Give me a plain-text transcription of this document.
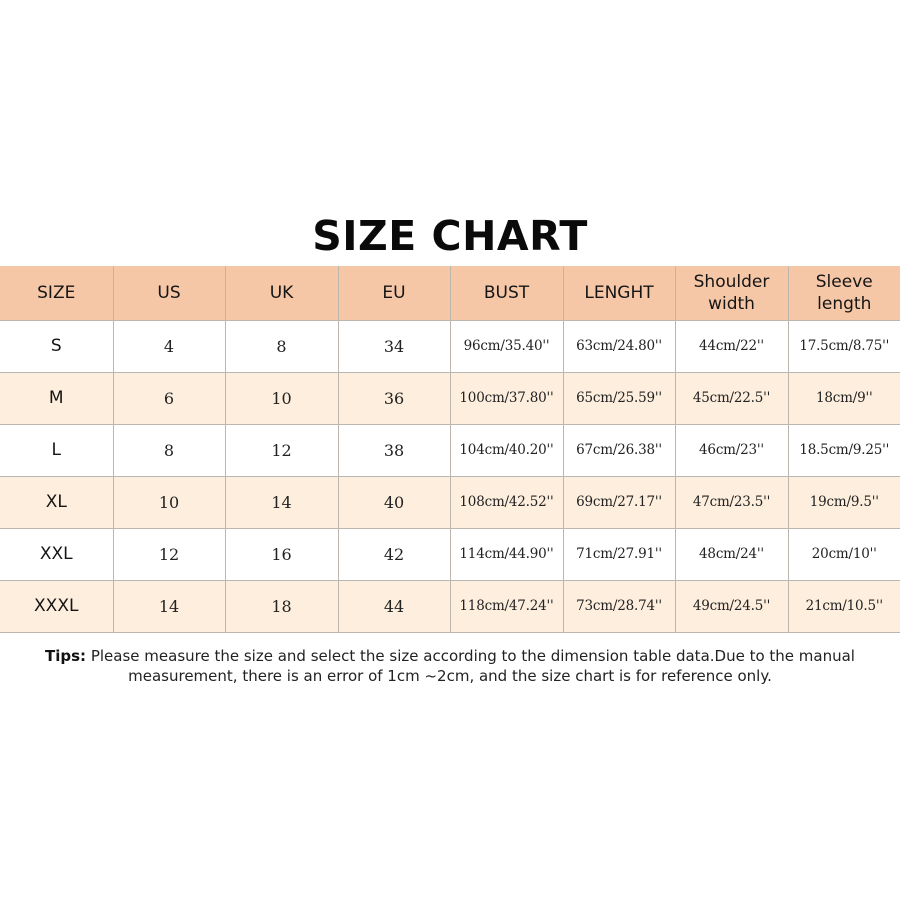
SIZE CHART
SIZE	US	UK	EU	BUST	LENGHT	Shoulder width	Sleeve length
S	4	8	34	96cm/35.40''	63cm/24.80''	44cm/22''	17.5cm/8.75''
M	6	10	36	100cm/37.80''	65cm/25.59''	45cm/22.5''	18cm/9''
L	8	12	38	104cm/40.20''	67cm/26.38''	46cm/23''	18.5cm/9.25''
XL	10	14	40	108cm/42.52''	69cm/27.17''	47cm/23.5''	19cm/9.5''
XXL	12	16	42	114cm/44.90''	71cm/27.91''	48cm/24''	20cm/10''
XXXL	14	18	44	118cm/47.24''	73cm/28.74''	49cm/24.5''	21cm/10.5''
Tips: Please measure the size and select the size according to the dimension table data.Due to the manual measurement, there is an error of 1cm ~2cm, and the size chart is for reference only.
